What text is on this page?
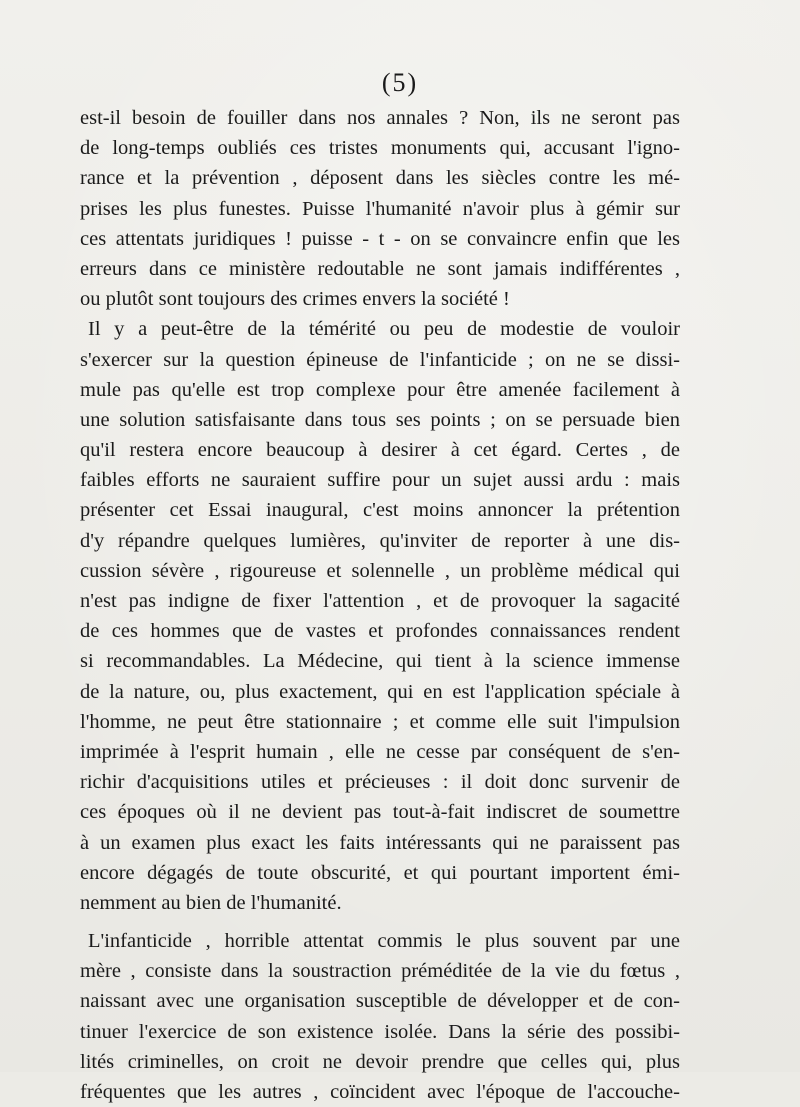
(5)
est-il besoin de fouiller dans nos annales ? Non, ils ne seront pas
de long-temps oubliés ces tristes monuments qui, accusant l'igno-
rance et la prévention , déposent dans les siècles contre les mé-
prises les plus funestes. Puisse l'humanité n'avoir plus à gémir sur
ces attentats juridiques ! puisse - t - on se convaincre enfin que les
erreurs dans ce ministère redoutable ne sont jamais indifférentes ,
ou plutôt sont toujours des crimes envers la société !
Il y a peut-être de la témérité ou peu de modestie de vouloir
s'exercer sur la question épineuse de l'infanticide ; on ne se dissi-
mule pas qu'elle est trop complexe pour être amenée facilement à
une solution satisfaisante dans tous ses points ; on se persuade bien
qu'il restera encore beaucoup à desirer à cet égard. Certes , de
faibles efforts ne sauraient suffire pour un sujet aussi ardu : mais
présenter cet Essai inaugural, c'est moins annoncer la prétention
d'y répandre quelques lumières, qu'inviter de reporter à une dis-
cussion sévère , rigoureuse et solennelle , un problème médical qui
n'est pas indigne de fixer l'attention , et de provoquer la sagacité
de ces hommes que de vastes et profondes connaissances rendent
si recommandables. La Médecine, qui tient à la science immense
de la nature, ou, plus exactement, qui en est l'application spéciale à
l'homme, ne peut être stationnaire ; et comme elle suit l'impulsion
imprimée à l'esprit humain , elle ne cesse par conséquent de s'en-
richir d'acquisitions utiles et précieuses : il doit donc survenir de
ces époques où il ne devient pas tout-à-fait indiscret de soumettre
à un examen plus exact les faits intéressants qui ne paraissent pas
encore dégagés de toute obscurité, et qui pourtant importent émi-
nemment au bien de l'humanité.
L'infanticide , horrible attentat commis le plus souvent par une
mère , consiste dans la soustraction préméditée de la vie du fœtus ,
naissant avec une organisation susceptible de développer et de con-
tinuer l'exercice de son existence isolée. Dans la série des possibi-
lités criminelles, on croit ne devoir prendre que celles qui, plus
fréquentes que les autres , coïncident avec l'époque de l'accouche-
